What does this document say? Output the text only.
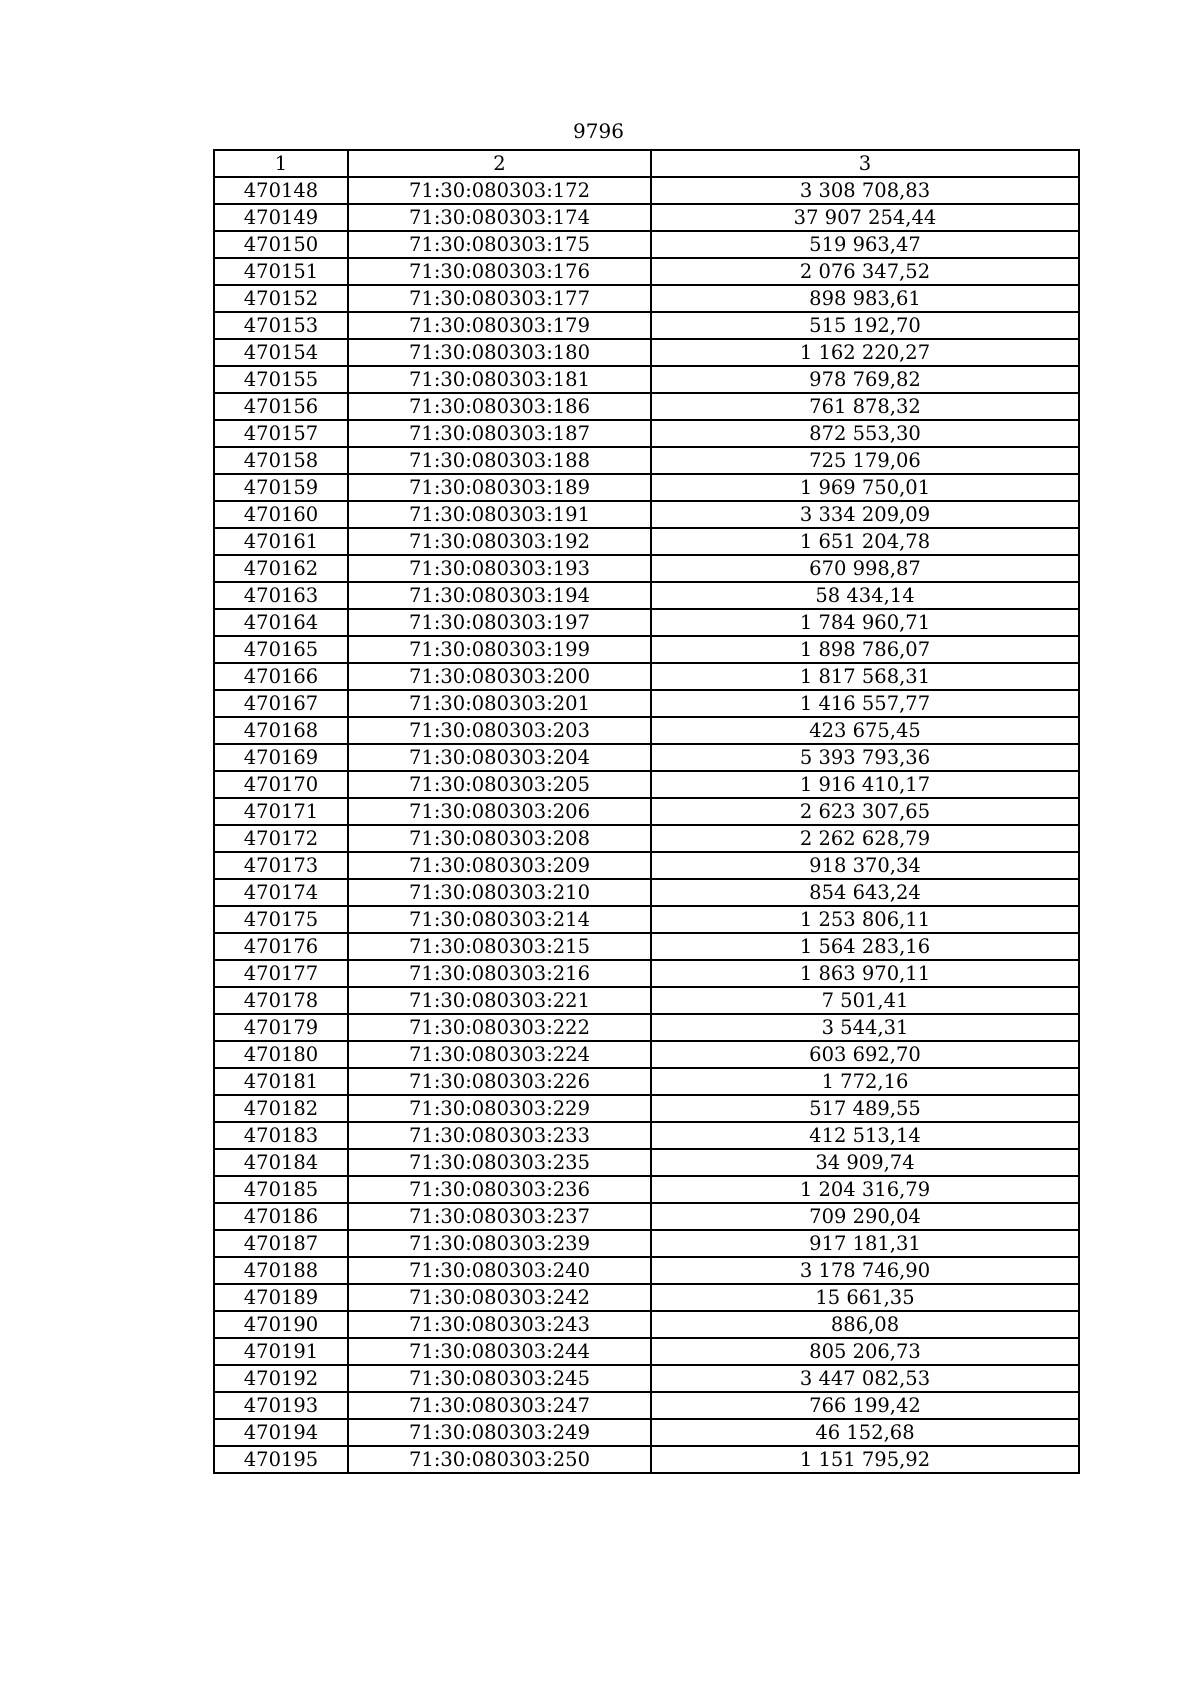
9796
1	2	3
470148	71:30:080303:172	3 308 708,83
470149	71:30:080303:174	37 907 254,44
470150	71:30:080303:175	519 963,47
470151	71:30:080303:176	2 076 347,52
470152	71:30:080303:177	898 983,61
470153	71:30:080303:179	515 192,70
470154	71:30:080303:180	1 162 220,27
470155	71:30:080303:181	978 769,82
470156	71:30:080303:186	761 878,32
470157	71:30:080303:187	872 553,30
470158	71:30:080303:188	725 179,06
470159	71:30:080303:189	1 969 750,01
470160	71:30:080303:191	3 334 209,09
470161	71:30:080303:192	1 651 204,78
470162	71:30:080303:193	670 998,87
470163	71:30:080303:194	58 434,14
470164	71:30:080303:197	1 784 960,71
470165	71:30:080303:199	1 898 786,07
470166	71:30:080303:200	1 817 568,31
470167	71:30:080303:201	1 416 557,77
470168	71:30:080303:203	423 675,45
470169	71:30:080303:204	5 393 793,36
470170	71:30:080303:205	1 916 410,17
470171	71:30:080303:206	2 623 307,65
470172	71:30:080303:208	2 262 628,79
470173	71:30:080303:209	918 370,34
470174	71:30:080303:210	854 643,24
470175	71:30:080303:214	1 253 806,11
470176	71:30:080303:215	1 564 283,16
470177	71:30:080303:216	1 863 970,11
470178	71:30:080303:221	7 501,41
470179	71:30:080303:222	3 544,31
470180	71:30:080303:224	603 692,70
470181	71:30:080303:226	1 772,16
470182	71:30:080303:229	517 489,55
470183	71:30:080303:233	412 513,14
470184	71:30:080303:235	34 909,74
470185	71:30:080303:236	1 204 316,79
470186	71:30:080303:237	709 290,04
470187	71:30:080303:239	917 181,31
470188	71:30:080303:240	3 178 746,90
470189	71:30:080303:242	15 661,35
470190	71:30:080303:243	886,08
470191	71:30:080303:244	805 206,73
470192	71:30:080303:245	3 447 082,53
470193	71:30:080303:247	766 199,42
470194	71:30:080303:249	46 152,68
470195	71:30:080303:250	1 151 795,92
